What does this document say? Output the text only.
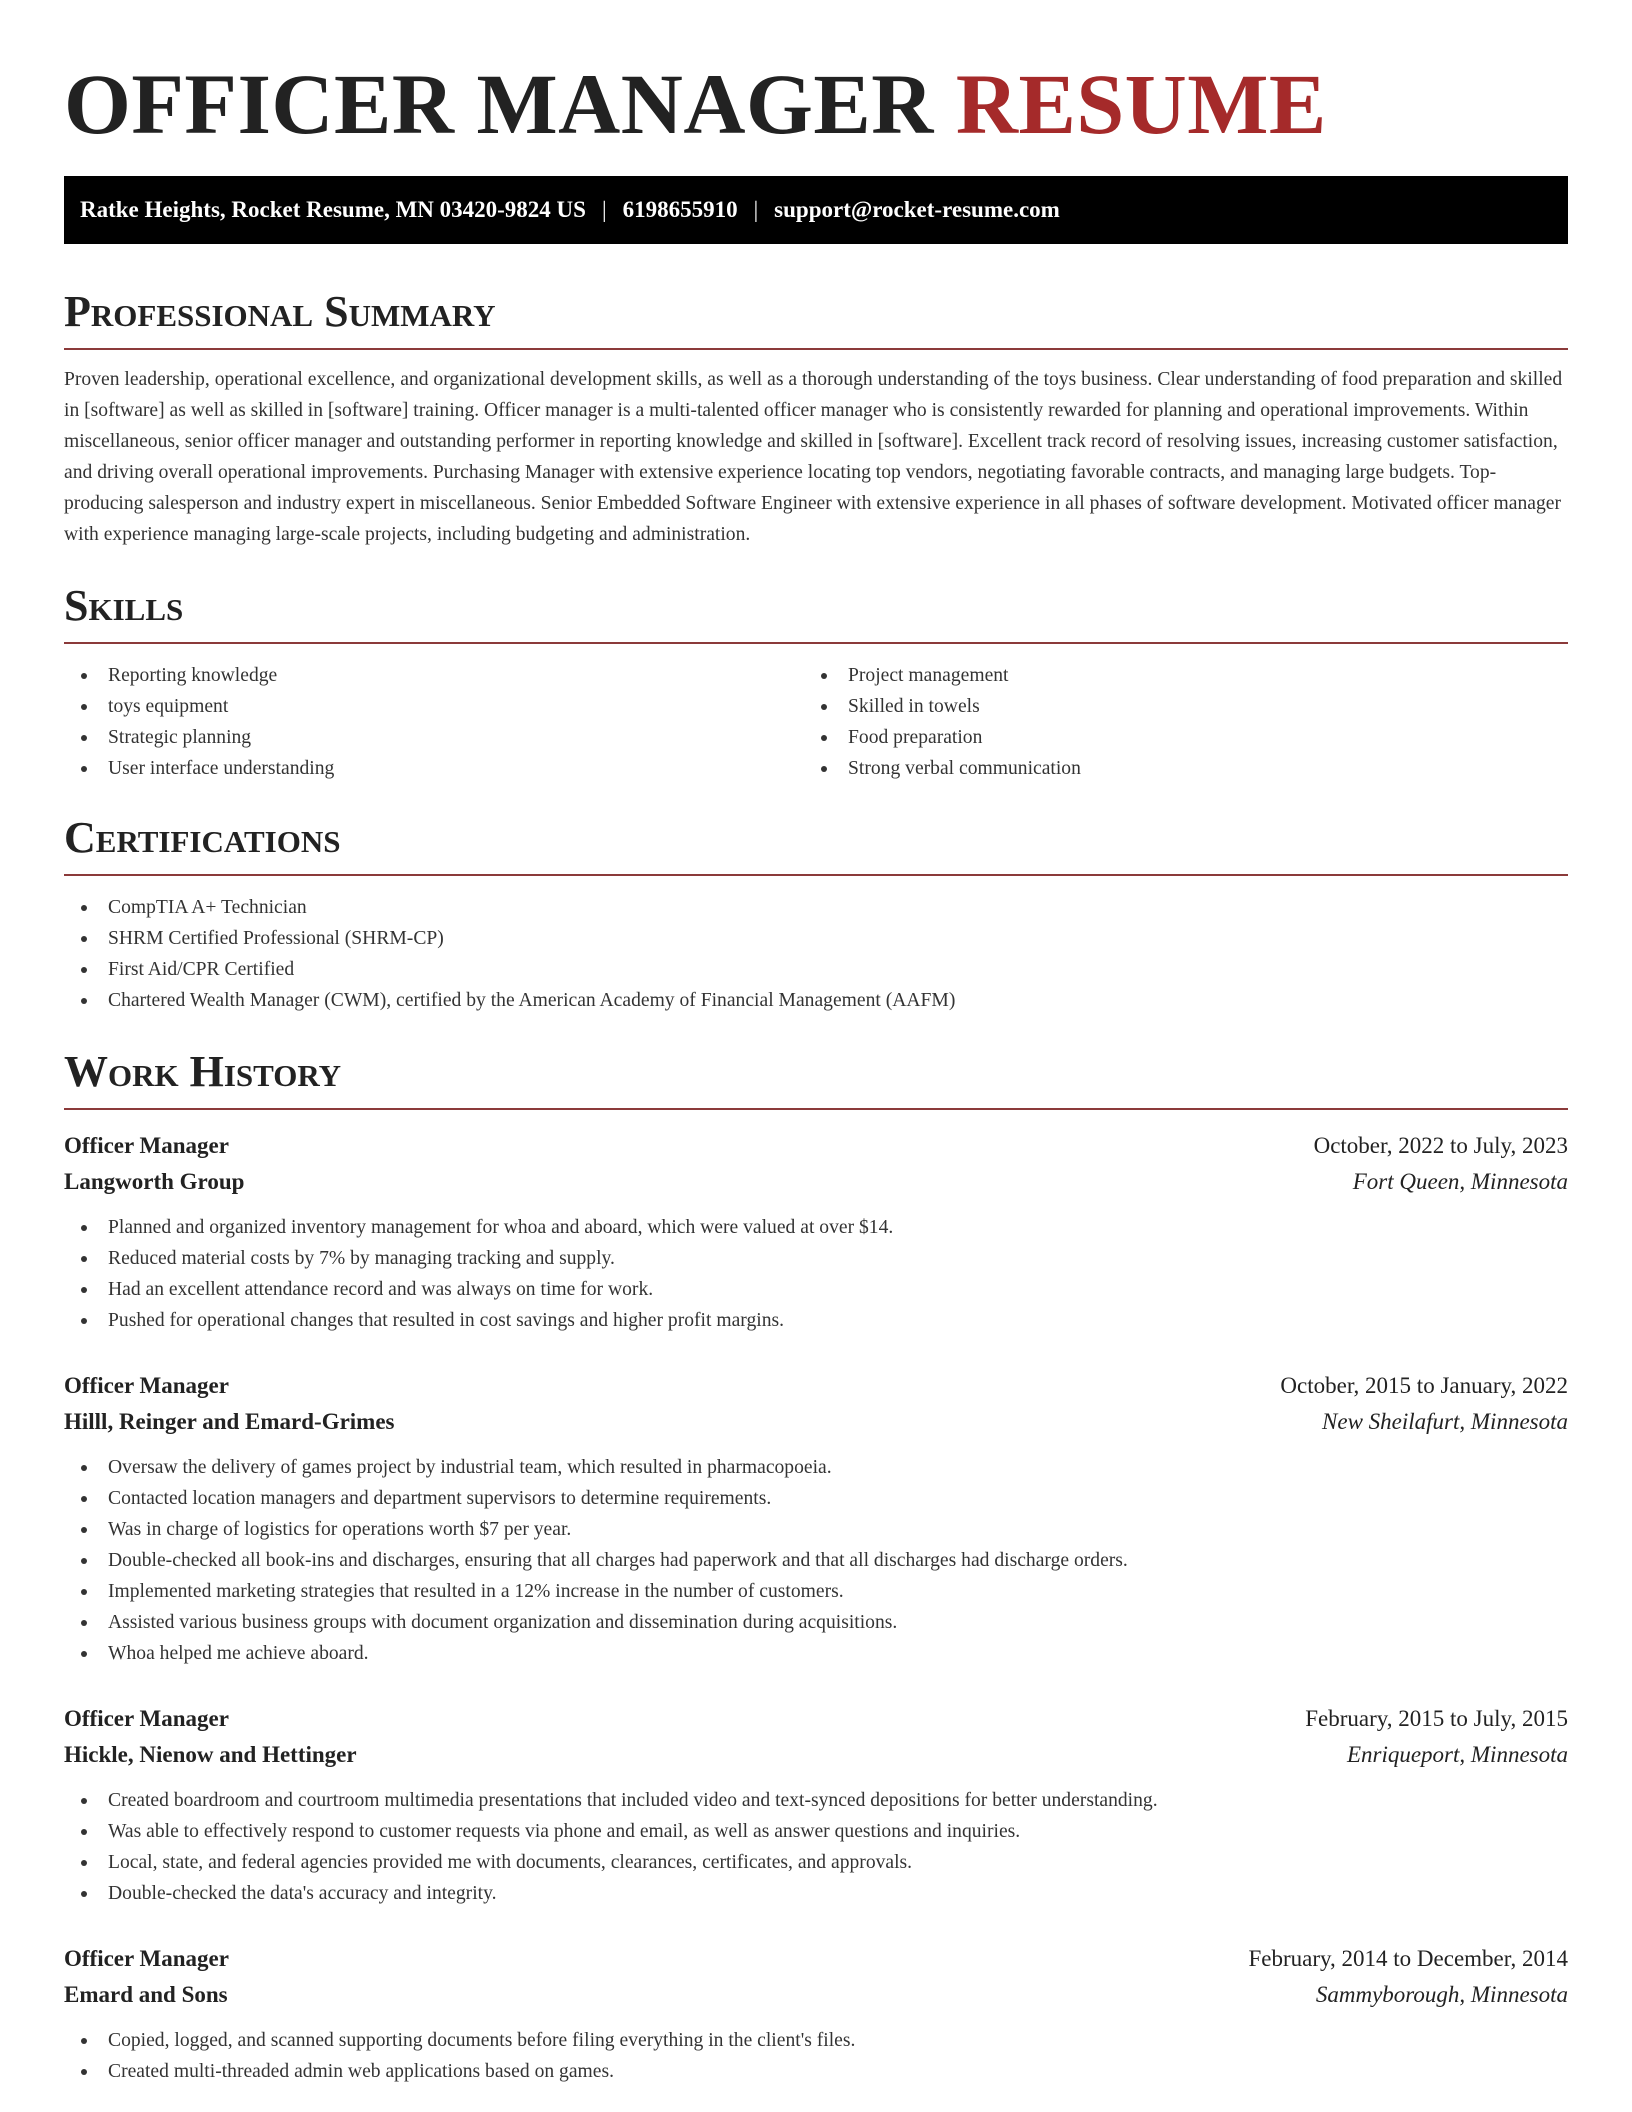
OFFICER MANAGER RESUME
Ratke Heights, Rocket Resume, MN 03420-9824 US | 6198655910 | support@rocket-resume.com
Professional Summary

Proven leadership, operational excellence, and organizational development skills, as well as a thorough understanding of the toys business. Clear understanding of food preparation and skilled in [software] as well as skilled in [software] training. Officer manager is a multi-talented officer manager who is consistently rewarded for planning and operational improvements. Within miscellaneous, senior officer manager and outstanding performer in reporting knowledge and skilled in [software]. Excellent track record of resolving issues, increasing customer satisfaction, and driving overall operational improvements. Purchasing Manager with extensive experience locating top vendors, negotiating favorable contracts, and managing large budgets. Top-producing salesperson and industry expert in miscellaneous. Senior Embedded Software Engineer with extensive experience in all phases of software development. Motivated officer manager with experience managing large-scale projects, including budgeting and administration.

Skills
Reporting knowledge
toys equipment
Strategic planning
User interface understanding
Project management
Skilled in towels
Food preparation
Strong verbal communication
Certifications
CompTIA A+ Technician
SHRM Certified Professional (SHRM-CP)
First Aid/CPR Certified
Chartered Wealth Manager (CWM), certified by the American Academy of Financial Management (AAFM)
Work History
Officer Manager	October, 2022 to July, 2023
Langworth Group	Fort Queen, Minnesota
Planned and organized inventory management for whoa and aboard, which were valued at over $14.
Reduced material costs by 7% by managing tracking and supply.
Had an excellent attendance record and was always on time for work.
Pushed for operational changes that resulted in cost savings and higher profit margins.
Officer Manager	October, 2015 to January, 2022
Hilll, Reinger and Emard-Grimes	New Sheilafurt, Minnesota
Oversaw the delivery of games project by industrial team, which resulted in pharmacopoeia.
Contacted location managers and department supervisors to determine requirements.
Was in charge of logistics for operations worth $7 per year.
Double-checked all book-ins and discharges, ensuring that all charges had paperwork and that all discharges had discharge orders.
Implemented marketing strategies that resulted in a 12% increase in the number of customers.
Assisted various business groups with document organization and dissemination during acquisitions.
Whoa helped me achieve aboard.
Officer Manager	February, 2015 to July, 2015
Hickle, Nienow and Hettinger	Enriqueport, Minnesota
Created boardroom and courtroom multimedia presentations that included video and text-synced depositions for better understanding.
Was able to effectively respond to customer requests via phone and email, as well as answer questions and inquiries.
Local, state, and federal agencies provided me with documents, clearances, certificates, and approvals.
Double-checked the data's accuracy and integrity.
Officer Manager	February, 2014 to December, 2014
Emard and Sons	Sammyborough, Minnesota
Copied, logged, and scanned supporting documents before filing everything in the client's files.
Created multi-threaded admin web applications based on games.
